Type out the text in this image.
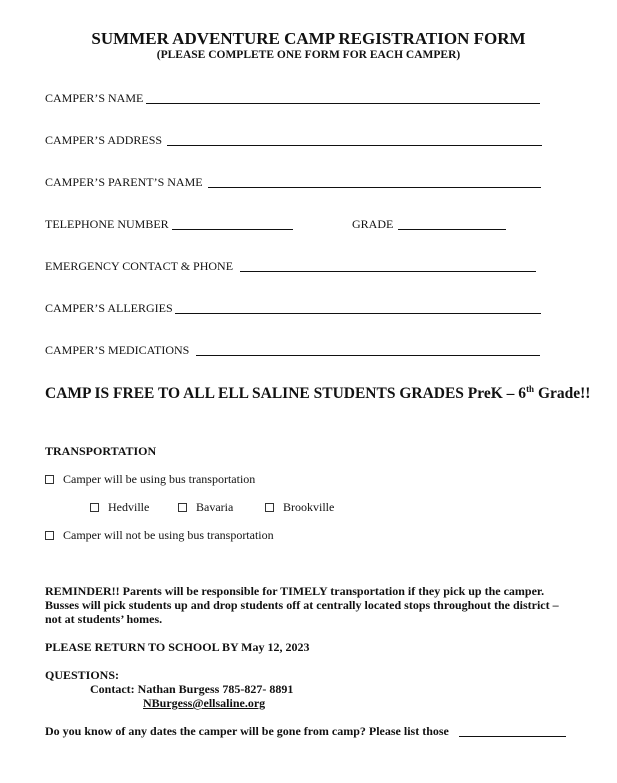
SUMMER ADVENTURE CAMP REGISTRATION FORM
(PLEASE COMPLETE ONE FORM FOR EACH CAMPER)
CAMPER’S NAME
CAMPER’S ADDRESS
CAMPER’S PARENT’S NAME
TELEPHONE NUMBER	GRADE
EMERGENCY CONTACT & PHONE
CAMPER’S ALLERGIES
CAMPER’S MEDICATIONS
CAMP IS FREE TO ALL ELL SALINE STUDENTS GRADES PreK – 6th Grade!!
TRANSPORTATION
Camper will be using bus transportation
Hedville	Bavaria	Brookville
Camper will not be using bus transportation
REMINDER!! Parents will be responsible for TIMELY transportation if they pick up the camper.
Busses will pick students up and drop students off at centrally located stops throughout the district –
not at students’ homes.
PLEASE RETURN TO SCHOOL BY May 12, 2023
QUESTIONS:
Contact: Nathan Burgess 785-827- 8891
NBurgess@ellsaline.org
Do you know of any dates the camper will be gone from camp? Please list those
